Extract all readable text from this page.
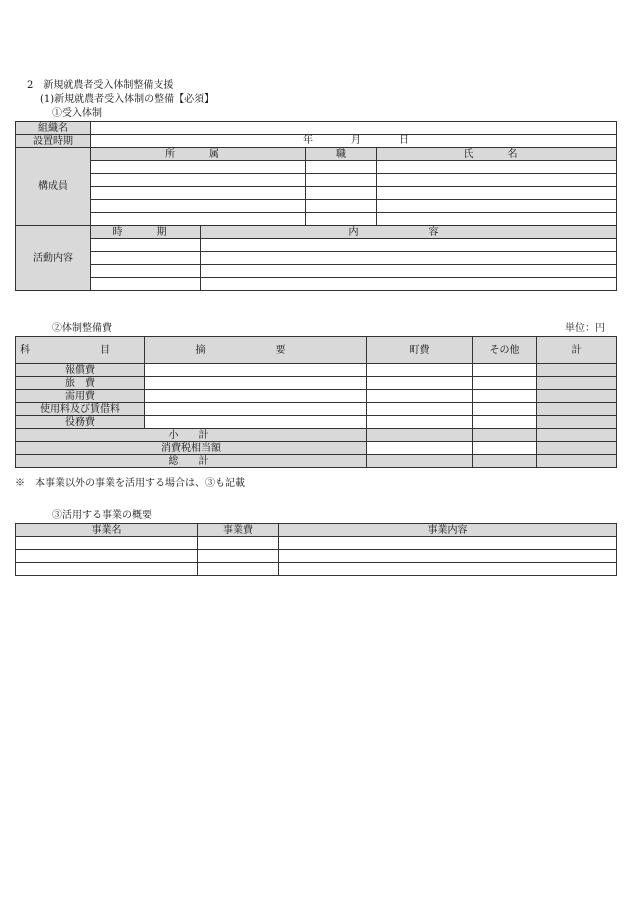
2　新規就農者受入体制整備支援
(1)新規就農者受入体制の整備【必須】
①受入体制
組織名				
設置時期	年 月 日			

構成員	所　属		職	氏　名

活動内容	時　期	内　容		

②体制整備費	単位：円
科　目	摘　要	町費	その他	計
報償費				
旅　費				
需用費				
使用料及び賃借料				
役務費				
小　計				
消費税相当額				
総　計				
※　本事業以外の事業を活用する場合は、③も記載
③活用する事業の概要
事業名	事業費	事業内容
